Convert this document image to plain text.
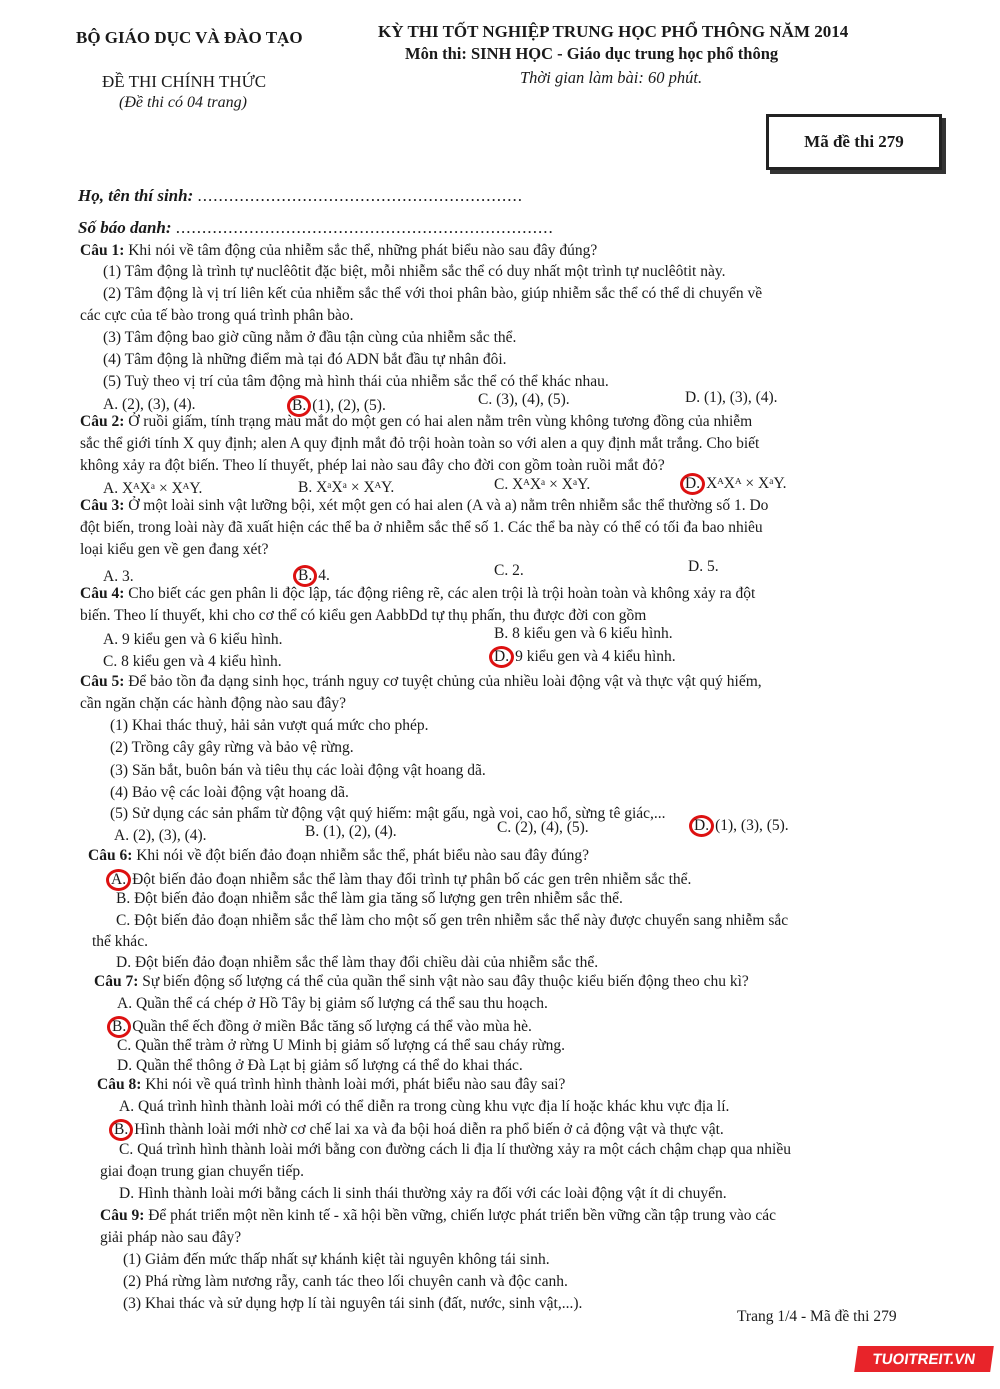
BỘ GIÁO DỤC VÀ ĐÀO TẠO	KỲ THI TỐT NGHIỆP TRUNG HỌC PHỔ THÔNG NĂM 2014
Môn thi: SINH HỌC - Giáo dục trung học phổ thông
Thời gian làm bài: 60 phút.
ĐỀ THI CHÍNH THỨC
(Đề thi có 04 trang)
Mã đề thi 279
Họ, tên thí sinh: ..............................................................
Số báo danh: ........................................................................
Câu 1: Khi nói về tâm động của nhiễm sắc thể, những phát biểu nào sau đây đúng?
(1) Tâm động là trình tự nuclêôtit đặc biệt, mỗi nhiễm sắc thể có duy nhất một trình tự nuclêôtit này.
(2) Tâm động là vị trí liên kết của nhiễm sắc thể với thoi phân bào, giúp nhiễm sắc thể có thể di chuyển về
các cực của tế bào trong quá trình phân bào.
(3) Tâm động bao giờ cũng nằm ở đầu tận cùng của nhiễm sắc thể.
(4) Tâm động là những điểm mà tại đó ADN bắt đầu tự nhân đôi.
(5) Tuỳ theo vị trí của tâm động mà hình thái của nhiễm sắc thể có thể khác nhau.
A. (2), (3), (4).	B. (1), (2), (5).	C. (3), (4), (5).	D. (1), (3), (4).
Câu 2: Ở ruồi giấm, tính trạng màu mắt do một gen có hai alen nằm trên vùng không tương đồng của nhiễm
sắc thể giới tính X quy định; alen A quy định mắt đỏ trội hoàn toàn so với alen a quy định mắt trắng. Cho biết
không xảy ra đột biến. Theo lí thuyết, phép lai nào sau đây cho đời con gồm toàn ruồi mắt đỏ?
A. XᴬXᵃ × XᴬY.	B. XᵃXᵃ × XᴬY.	C. XᴬXᵃ × XᵃY.	D. XᴬXᴬ × XᵃY.
Câu 3: Ở một loài sinh vật lưỡng bội, xét một gen có hai alen (A và a) nằm trên nhiễm sắc thể thường số 1. Do
đột biến, trong loài này đã xuất hiện các thể ba ở nhiễm sắc thể số 1. Các thể ba này có thể có tối đa bao nhiêu
loại kiểu gen về gen đang xét?
A. 3.	B. 4.	C. 2.	D. 5.
Câu 4: Cho biết các gen phân li độc lập, tác động riêng rẽ, các alen trội là trội hoàn toàn và không xảy ra đột
biến. Theo lí thuyết, khi cho cơ thể có kiểu gen AabbDd tự thụ phấn, thu được đời con gồm
A. 9 kiểu gen và 6 kiểu hình.	B. 8 kiểu gen và 6 kiểu hình.
C. 8 kiểu gen và 4 kiểu hình.	D. 9 kiểu gen và 4 kiểu hình.
Câu 5: Để bảo tồn đa dạng sinh học, tránh nguy cơ tuyệt chủng của nhiều loài động vật và thực vật quý hiếm,
cần ngăn chặn các hành động nào sau đây?
(1) Khai thác thuỷ, hải sản vượt quá mức cho phép.
(2) Trồng cây gây rừng và bảo vệ rừng.
(3) Săn bắt, buôn bán và tiêu thụ các loài động vật hoang dã.
(4) Bảo vệ các loài động vật hoang dã.
(5) Sử dụng các sản phẩm từ động vật quý hiếm: mật gấu, ngà voi, cao hổ, sừng tê giác,...
A. (2), (3), (4).	B. (1), (2), (4).	C. (2), (4), (5).	D. (1), (3), (5).
Câu 6: Khi nói về đột biến đảo đoạn nhiễm sắc thể, phát biểu nào sau đây đúng?
A. Đột biến đảo đoạn nhiễm sắc thể làm thay đổi trình tự phân bố các gen trên nhiễm sắc thể.
B. Đột biến đảo đoạn nhiễm sắc thể làm gia tăng số lượng gen trên nhiễm sắc thể.
C. Đột biến đảo đoạn nhiễm sắc thể làm cho một số gen trên nhiễm sắc thể này được chuyển sang nhiễm sắc
thể khác.
D. Đột biến đảo đoạn nhiễm sắc thể làm thay đổi chiều dài của nhiễm sắc thể.
Câu 7: Sự biến động số lượng cá thể của quần thể sinh vật nào sau đây thuộc kiểu biến động theo chu kì?
A. Quần thể cá chép ở Hồ Tây bị giảm số lượng cá thể sau thu hoạch.
B. Quần thể ếch đồng ở miền Bắc tăng số lượng cá thể vào mùa hè.
C. Quần thể tràm ở rừng U Minh bị giảm số lượng cá thể sau cháy rừng.
D. Quần thể thông ở Đà Lạt bị giảm số lượng cá thể do khai thác.
Câu 8: Khi nói về quá trình hình thành loài mới, phát biểu nào sau đây sai?
A. Quá trình hình thành loài mới có thể diễn ra trong cùng khu vực địa lí hoặc khác khu vực địa lí.
B. Hình thành loài mới nhờ cơ chế lai xa và đa bội hoá diễn ra phổ biến ở cả động vật và thực vật.
C. Quá trình hình thành loài mới bằng con đường cách li địa lí thường xảy ra một cách chậm chạp qua nhiều
giai đoạn trung gian chuyển tiếp.
D. Hình thành loài mới bằng cách li sinh thái thường xảy ra đối với các loài động vật ít di chuyển.
Câu 9: Để phát triển một nền kinh tế - xã hội bền vững, chiến lược phát triển bền vững cần tập trung vào các
giải pháp nào sau đây?
(1) Giảm đến mức thấp nhất sự khánh kiệt tài nguyên không tái sinh.
(2) Phá rừng làm nương rẫy, canh tác theo lối chuyên canh và độc canh.
(3) Khai thác và sử dụng hợp lí tài nguyên tái sinh (đất, nước, sinh vật,...).
Trang 1/4 - Mã đề thi 279
TUOITREIT.VN
